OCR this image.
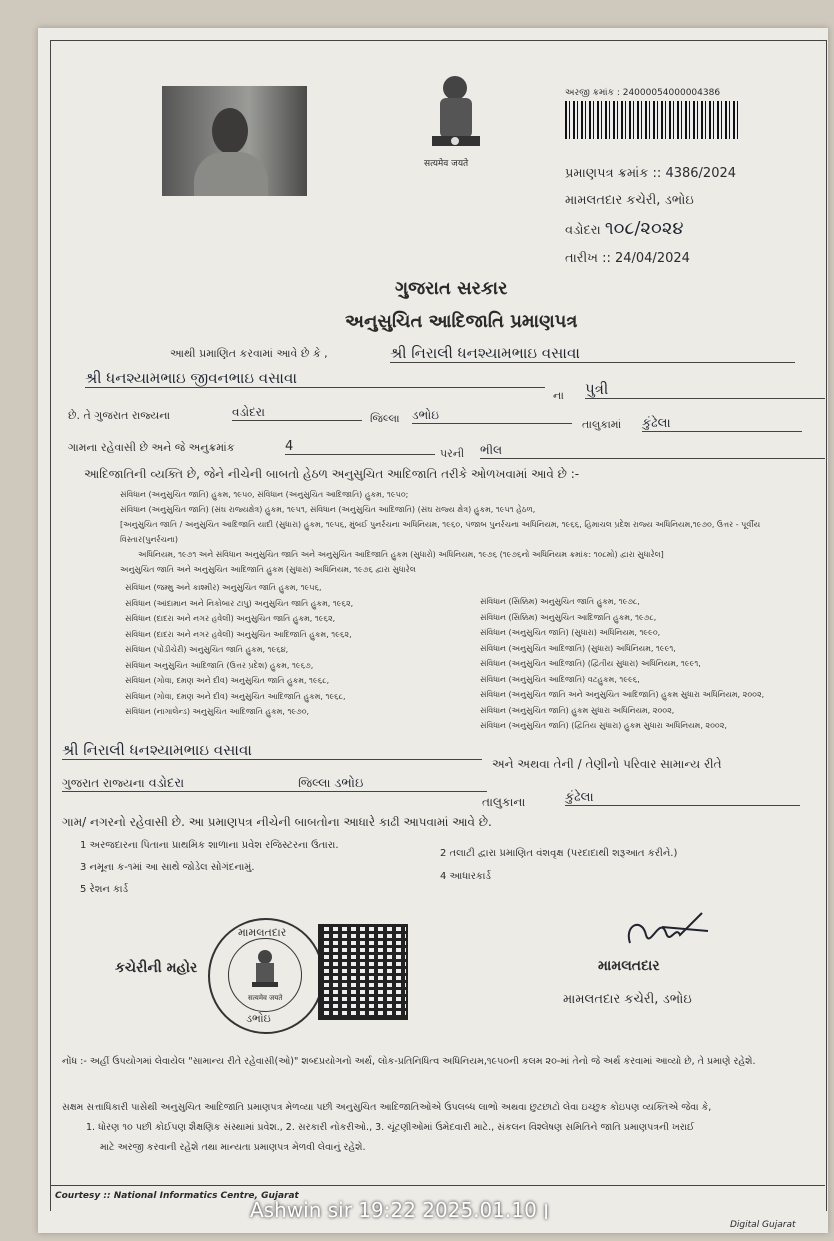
सत्यमेव जयते
અરજી ક્રમાંક : 24000054000004386
પ્રમાણપત્ર ક્રમાંક :: 4386/2024
મામલતદાર કચેરી, ડભોઇ
વડોદરા ૧૦૮/૨૦૨૪
તારીખ :: 24/04/2024
ગુજરાત સરકાર
અનુસુચિત આદિજાતિ પ્રમાણપત્ર
આથી પ્રમાણિત કરવામાં આવે છે કે ,	શ્રી નિરાલી ધનશ્યામભાઇ વસાવા
શ્રી ધનશ્યામભાઇ જીવનભાઇ વસાવા
ના પુત્રી
છે. તે ગુજરાત રાજ્યના	વડોદરા	જિલ્લા ડભોઇ
તાલુકામાં કુંઢેલા
ગામના રહેવાસી છે અને જે અનુક્રમાંક	4	પરની ભીલ
આદિજાતિની વ્યક્તિ છે, જેને નીચેની બાબતો હેઠળ અનુસુચિત આદિજાતિ તરીકે ઓળખવામાં આવે છે :-
સંવિધાન (અનુસુચિત જાતિ) હુકમ, ૧૯૫૦, સંવિધાન (અનુસુચિત આદિજાતિ) હુકમ, ૧૯૫૦;
સંવિધાન (અનુસુચિત જાતિ) (સંઘ રાજ્યક્ષેત્ર) હુકમ, ૧૯૫૧, સંવિધાન (અનુસુચિત આદિજાતિ) (સંઘ રાજ્ય ક્ષેત્ર) હુકમ, ૧૯૫૧ હેઠળ,
[અનુસુચિત જાતિ / અનુસુચિત આદિજાતિ યાદી (સુધારા) હુકમ, ૧૯૫૬, મુંબઈ પુનર્રચના અધિનિયમ, ૧૯૬૦, પંજાબ પુનર્રચના અધિનિયમ, ૧૯૬૬, હિમાચલ પ્રદેશ રાજ્ય અધિનિયમ,૧૯૭૦, ઉત્તર - પૂર્વીય વિસ્તાર(પુનર્રચના)
અધિનિયમ, ૧૯૭૧ અને સંવિધાન અનુસુચિત જાતિ અને અનુસુચિત આદિજાતિ હુકમ (સુધારો) અધિનિયમ, ૧૯૭૬ (૧૯૭૬નો અધિનિયમ ક્રમાંક: ૧૦૮મો) દ્વારા સુધારેલ]
અનુસુચિત જાતિ અને અનુસુચિત આદિજાતિ હુકમ (સુધારા) અધિનિયમ, ૧૯૭૬ દ્વારા સુધારેલ
સંવિધાન (જમ્મુ અને કાશ્મીર) અનુસુચિત જાતિ હુકમ, ૧૯૫૬,
સંવિધાન (આંદામાન અને નિકોબાર ટાપુ) અનુસુચિત જાતિ હુકમ, ૧૯૬૨,
સંવિધાન (દાદરા અને નગર હવેલી) અનુસુચિત જાતિ હુકમ, ૧૯૬૨,
સંવિધાન (દાદરા અને નગર હવેલી) અનુસુચિત આદિજાતિ હુકમ, ૧૯૬૨,
સંવિધાન (પોંડીચેરી) અનુસુચિત જાતિ હુકમ, ૧૯૬૪,
સંવિધાન અનુસુચિત આદિજાતિ (ઉત્તર પ્રદેશ) હુકમ, ૧૯૬૭,
સંવિધાન (ગોવા, દમણ અને દીવ) અનુસુચિત જાતિ હુકમ, ૧૯૬૮,
સંવિધાન (ગોવા, દમણ અને દીવ) અનુસુચિત આદિજાતિ હુકમ, ૧૯૬૮,
સંવિધાન (નાગાલેન્ડ) અનુસુચિત આદિજાતિ હુકમ, ૧૯૭૦,
સંવિધાન (સિક્કિમ) અનુસુચિત જાતિ હુકમ, ૧૯૭૮,
સંવિધાન (સિક્કિમ) અનુસુચિત આદિજાતિ હુકમ, ૧૯૭૮,
સંવિધાન (અનુસુચિત જાતિ) (સુધારા) અધિનિયમ, ૧૯૯૦,
સંવિધાન (અનુસુચિત આદિજાતિ) (સુધારા) અધિનિયમ, ૧૯૯૧,
સંવિધાન (અનુસુચિત આદિજાતિ) (દ્વિતીય સુધારા) અધિનિયમ, ૧૯૯૧,
સંવિધાન (અનુસુચિત આદિજાતિ) વટહુકમ, ૧૯૯૬,
સંવિધાન (અનુસુચિત જાતિ અને અનુસુચિત આદિજાતિ) હુકમ સુધારા અધિનિયમ, ૨૦૦૨,
સંવિધાન (અનુસુચિત જાતિ) હુકમ સુધારા અધિનિયમ, ૨૦૦૨,
સંવિધાન (અનુસુચિત જાતિ) (દ્વિતિય સુધારા) હુકમ સુધારા અધિનિયમ, ૨૦૦૨,
શ્રી નિરાલી ધનશ્યામભાઇ વસાવા
અને અથવા તેની / તેણીનો પરિવાર સામાન્ય રીતે
ગુજરાત રાજ્યના વડોદરા	જિલ્લા ડભોઇ
તાલુકાના	કુંઢેલા
ગામ/ નગરનો રહેવાસી છે. આ પ્રમાણપત્ર નીચેની બાબતોના આધારે કાઢી આપવામાં આવે છે.
1 અરજદારના પિતાના પ્રાથમિક શાળાના પ્રવેશ રજિસ્ટરના ઉતારા.
2 તલાટી દ્વારા પ્રમાણિત વંશવૃક્ષ (પરદાદાથી શરૂઆત કરીને.)
3 નમૂના ક-૧માં આ સાથે જોડેલ સોગંદનામું.
4 આધારકાર્ડ
5 રેશન કાર્ડ
કચેરીની મહોર
મામલતદાર
सत्यमेव जयते
ડભોઇ
મામલતદાર
મામલતદાર કચેરી, ડભોઇ
નોંધ :- અહીં ઉપયોગમાં લેવાયેલ "સામાન્ય રીતે રહેવાસી(ઓ)" શબ્દપ્રયોગનો અર્થ, લોક-પ્રતિનિધિત્વ અધિનિયમ,૧૯૫૦ની કલમ ૨૦-માં તેનો જે અર્થ કરવામાં આવ્યો છે, તે પ્રમાણે રહેશે.
સક્ષમ સત્તાધિકારી પાસેથી અનુસુચિત આદિજાતિ પ્રમાણપત્ર મેળવ્યા પછી અનુસુચિત આદિજાતિઓએ ઉપલબ્ધ લાભો અથવા છુટછાટો લેવા ઇચ્છુક કોઇપણ વ્યક્તિએ જેવા કે,
1. ધોરણ ૧૦ પછી કોઈપણ શૈક્ષણિક સંસ્થામાં પ્રવેશ., 2. સરકારી નોકરીઓ., 3. ચૂંટણીઓમાં ઉમેદવારી માટે., સંકલન વિશ્લેષણ સમિતિને જાતિ પ્રમાણપત્રની ખરાઈ
માટે અરજી કરવાની રહેશે તથા માન્યતા પ્રમાણપત્ર મેળવી લેવાનું રહેશે.
Courtesy :: National Informatics Centre, Gujarat
Digital Gujarat
Ashwin sir ׀ 2025.01.10 19:22
